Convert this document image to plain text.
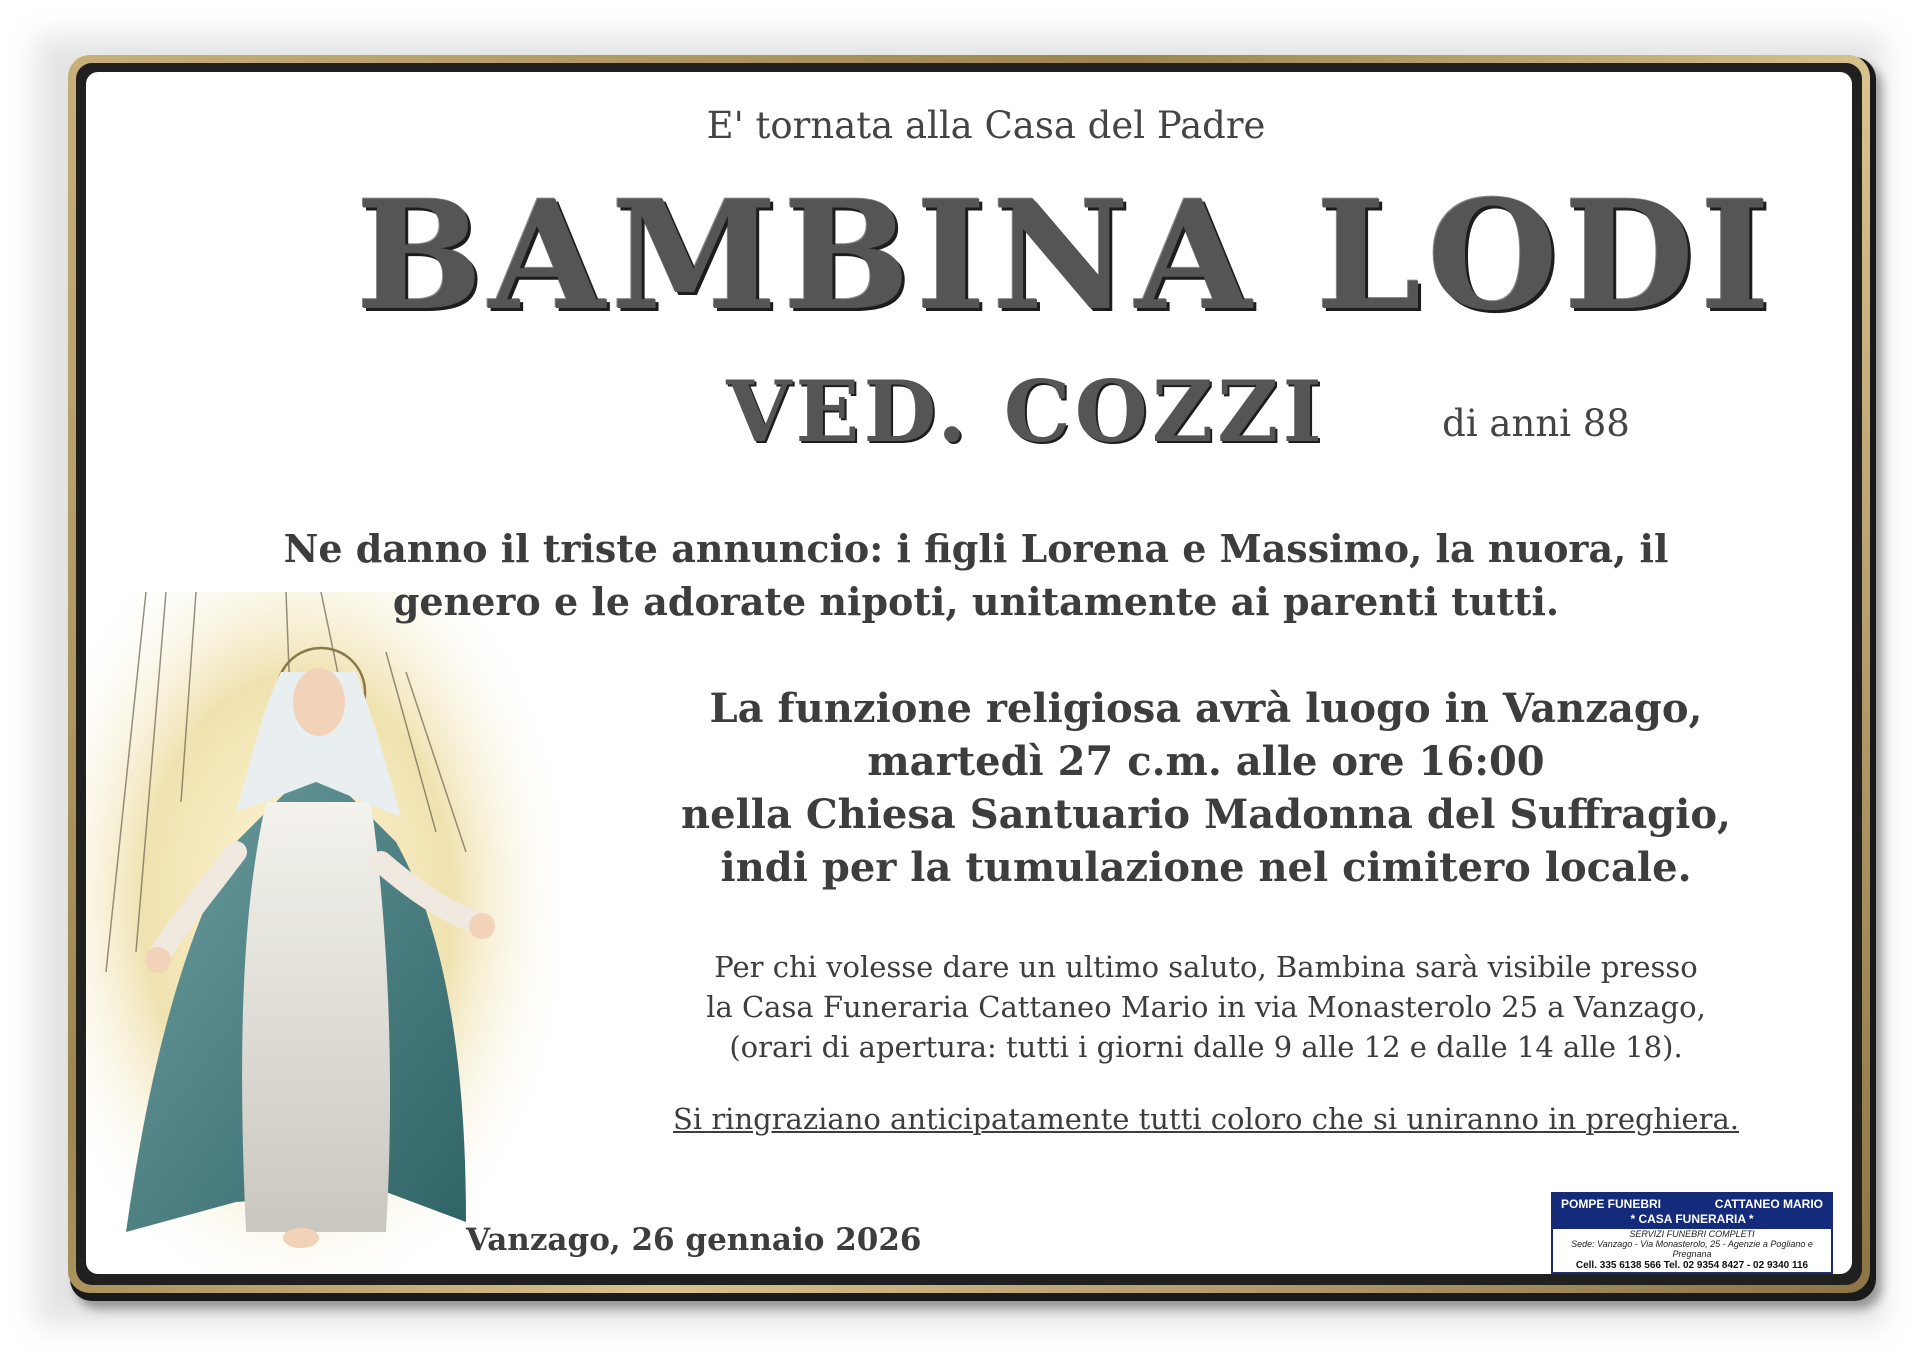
E' tornata alla Casa del Padre

BAMBINA LODI

VED. COZZI	di anni 88

Ne danno il triste annuncio: i figli Lorena e Massimo, la nuora, il genero e le adorate nipoti, unitamente ai parenti tutti.

La funzione religiosa avrà luogo in Vanzago,
martedì 27 c.m. alle ore 16:00
nella Chiesa Santuario Madonna del Suffragio,
indi per la tumulazione nel cimitero locale.
Per chi volesse dare un ultimo saluto, Bambina sarà visibile presso
la Casa Funeraria Cattaneo Mario in via Monasterolo 25 a Vanzago,
(orari di apertura: tutti i giorni dalle 9 alle 12 e dalle 14 alle 18).

Si ringraziano anticipatamente tutti coloro che si uniranno in preghiera.

Vanzago, 26 gennaio 2026

POMPE FUNEBRI	CATTANEO MARIO
* CASA FUNERARIA *
SERVIZI FUNEBRI COMPLETI
Sede: Vanzago - Via Monasterolo, 25 - Agenzie a Pogliano e Pregnana
Cell. 335 6138 566 Tel. 02 9354 8427 - 02 9340 116
